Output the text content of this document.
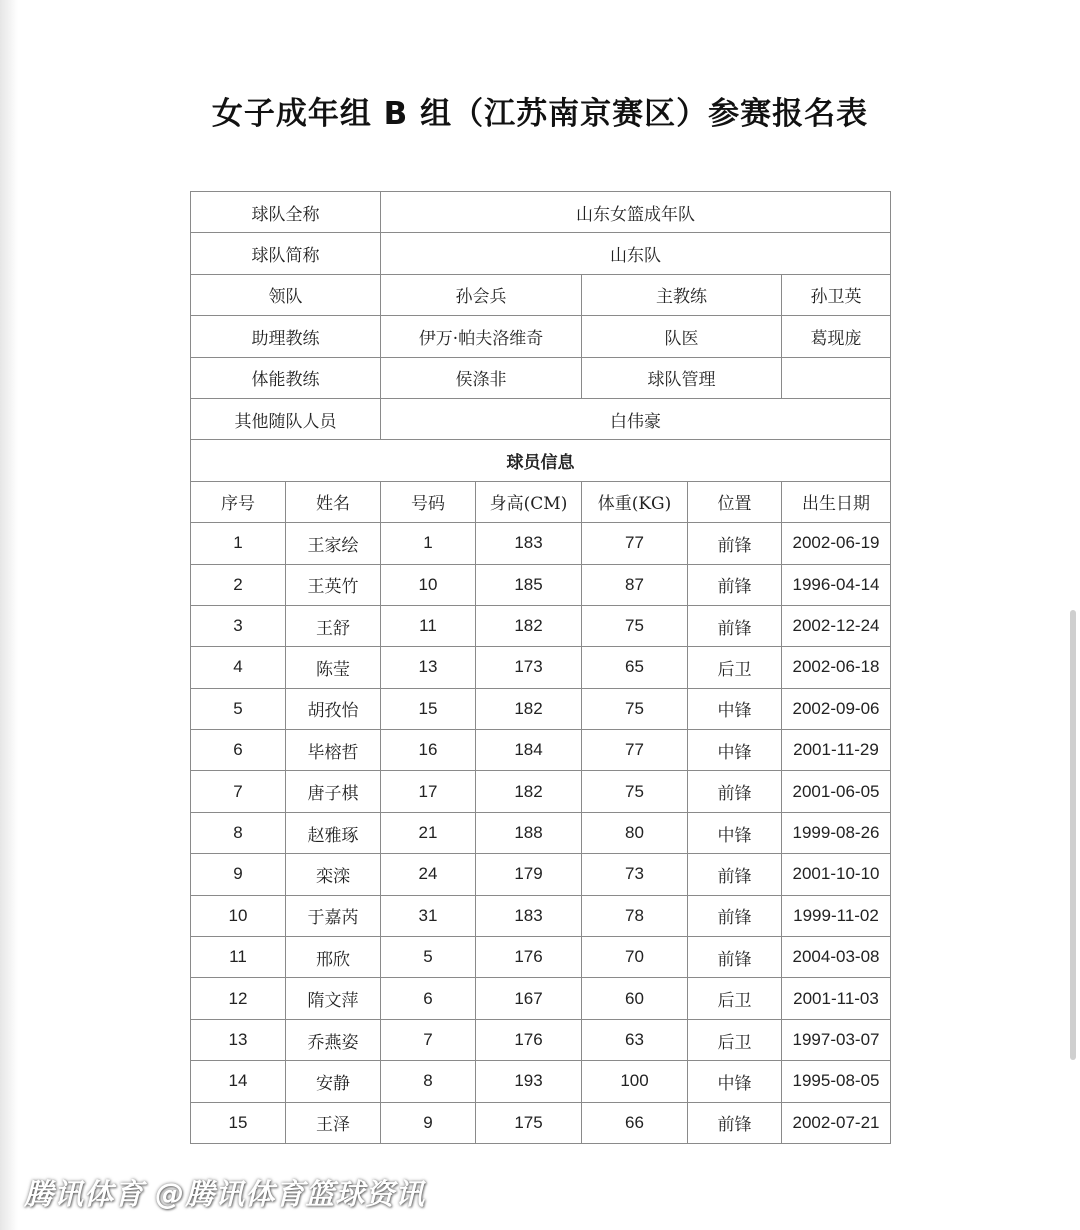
女子成年组 B 组（江苏南京赛区）参赛报名表
球队全称		山东女篮成年队				
球队简称		山东队				
领队		孙会兵		主教练		孙卫英
助理教练		伊万·帕夫洛维奇		队医		葛现庞
体能教练		侯涤非		球队管理		
其他随队人员		白伟豪				
球员信息						
序号	姓名	号码	身高(CM)	体重(KG)	位置	出生日期
1	王家绘	1	183	77	前锋	2002-06-19
2	王英竹	10	185	87	前锋	1996-04-14
3	王舒	11	182	75	前锋	2002-12-24
4	陈莹	13	173	65	后卫	2002-06-18
5	胡孜怡	15	182	75	中锋	2002-09-06
6	毕榕哲	16	184	77	中锋	2001-11-29
7	唐子棋	17	182	75	前锋	2001-06-05
8	赵雅琢	21	188	80	中锋	1999-08-26
9	栾滦	24	179	73	前锋	2001-10-10
10	于嘉芮	31	183	78	前锋	1999-11-02
11	邢欣	5	176	70	前锋	2004-03-08
12	隋文萍	6	167	60	后卫	2001-11-03
13	乔燕姿	7	176	63	后卫	1997-03-07
14	安静	8	193	100	中锋	1995-08-05
15	王泽	9	175	66	前锋	2002-07-21
腾讯体育 @腾讯体育篮球资讯
